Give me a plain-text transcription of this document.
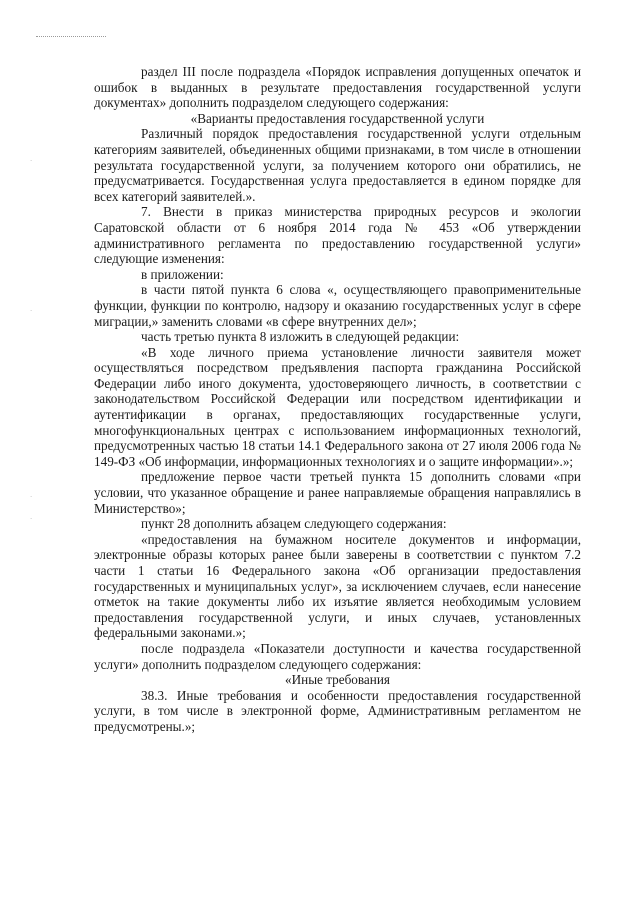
·
·
·
·

раздел III после подраздела «Порядок исправления допущенных опечаток и ошибок в выданных в результате предоставления государственной услуги документах» дополнить подразделом следующего содержания:

«Варианты предоставления государственной услуги

Различный порядок предоставления государственной услуги отдельным категориям заявителей, объединенных общими признаками, в том числе в отношении результата государственной услуги, за получением которого они обратились, не предусматривается. Государственная услуга предоставляется в едином порядке для всех категорий заявителей.».

7. Внести в приказ министерства природных ресурсов и экологии Саратовской области от 6 ноября 2014 года № 453 «Об утверждении административного регламента по предоставлению государственной услуги» следующие изменения:

в приложении:

в части пятой пункта 6 слова «, осуществляющего правоприменительные функции, функции по контролю, надзору и оказанию государственных услуг в сфере миграции,» заменить словами «в сфере внутренних дел»;

часть третью пункта 8 изложить в следующей редакции:

«В ходе личного приема установление личности заявителя может осуществляться посредством предъявления паспорта гражданина Российской Федерации либо иного документа, удостоверяющего личность, в соответствии с законодательством Российской Федерации или посредством идентификации и аутентификации в органах, предоставляющих государственные услуги, многофункциональных центрах с использованием информационных технологий, предусмотренных частью 18 статьи 14.1 Федерального закона от 27 июля 2006 года № 149-ФЗ «Об информации, информационных технологиях и о защите информации».»;

предложение первое части третьей пункта 15 дополнить словами «при условии, что указанное обращение и ранее направляемые обращения направлялись в Министерство»;

пункт 28 дополнить абзацем следующего содержания:

«предоставления на бумажном носителе документов и информации, электронные образы которых ранее были заверены в соответствии с пунктом 7.2 части 1 статьи 16 Федерального закона «Об организации предоставления государственных и муниципальных услуг», за исключением случаев, если нанесение отметок на такие документы либо их изъятие является необходимым условием предоставления государственной услуги, и иных случаев, установленных федеральными законами.»;

после подраздела «Показатели доступности и качества государственной услуги» дополнить подразделом следующего содержания:

«Иные требования

38.3. Иные требования и особенности предоставления государственной услуги, в том числе в электронной форме, Административным регламентом не предусмотрены.»;
